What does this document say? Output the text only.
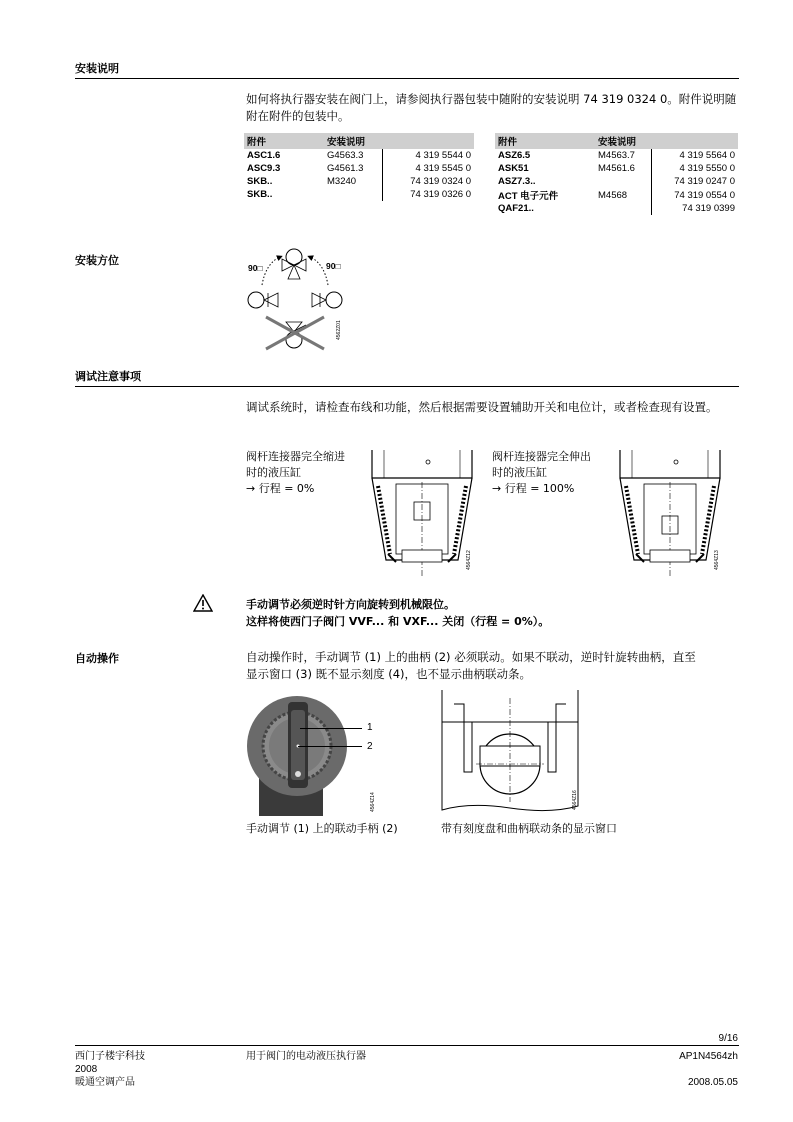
安装说明
如何将执行器安装在阀门上，请参阅执行器包装中随附的安装说明 74 319 0324 0。附件说明随附在附件的包装中。
附件	安装说明	
ASC1.6	G4563.3	4 319 5544 0
ASC9.3	G4561.3	4 319 5545 0
SKB..	M3240	74 319 0324 0
SKB..		74 319 0326 0
附件	安装说明	
ASZ6.5	M4563.7	4 319 5564 0
ASK51	M4561.6	4 319 5550 0
ASZ7.3..		74 319 0247 0
ACT 电子元件	M4568	74 319 0554 0
QAF21..		74 319 0399
安装方位
90□	90□
4562Z01
调试注意事项
调试系统时，请检查布线和功能，然后根据需要设置辅助开关和电位计，或者检查现有设置。
阀杆连接器完全缩进
时的液压缸
→ 行程 = 0%
4564Z12
阀杆连接器完全伸出
时的液压缸
→ 行程 = 100%
4564Z13
手动调节必须逆时针方向旋转到机械限位。
这样将使西门子阀门 VVF... 和 VXF... 关闭（行程 = 0%）。
自动操作	自动操作时，手动调节 (1) 上的曲柄 (2) 必须联动。如果不联动，逆时针旋转曲柄，直至
显示窗口 (3) 既不显示刻度 (4)，也不显示曲柄联动条。
1
2
4564Z14	4564Z16
手动调节 (1) 上的联动手柄 (2)	带有刻度盘和曲柄联动条的显示窗口
9/16
西门子楼宇科技
2008
暖通空调产品
用于阀门的电动液压执行器	AP1N4564zh
2008.05.05
